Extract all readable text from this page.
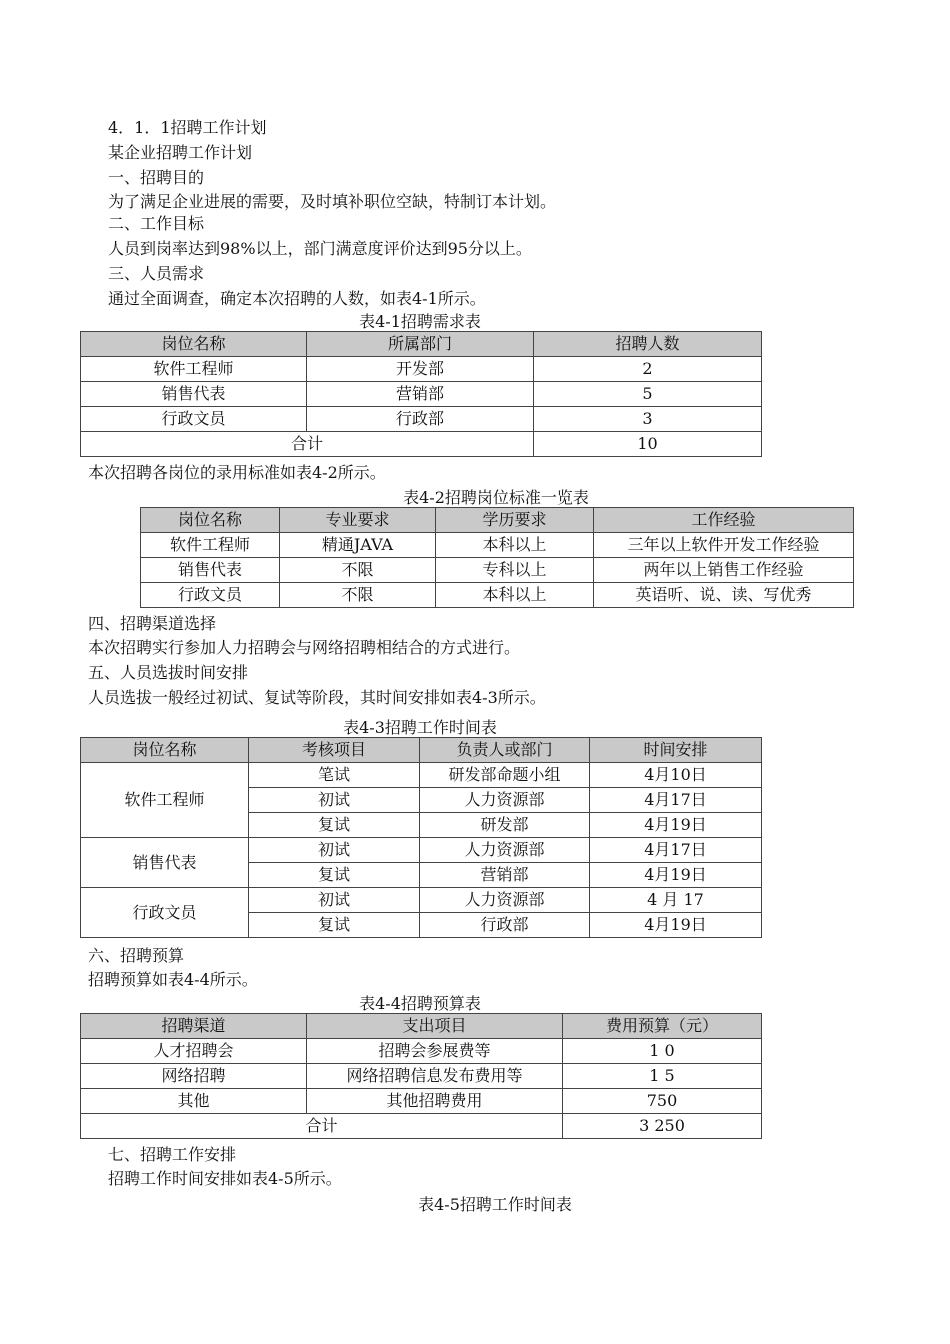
4．1．1招聘工作计划
某企业招聘工作计划
一、招聘目的
为了满足企业进展的需要，及时填补职位空缺，特制订本计划。
二、工作目标
人员到岗率达到98%以上，部门满意度评价达到95分以上。
三、人员需求
通过全面调查，确定本次招聘的人数，如表4-1所示。
表4-1招聘需求表
岗位名称	所属部门	招聘人数
软件工程师	开发部	2
销售代表	营销部	5
行政文员	行政部	3
合计		10
本次招聘各岗位的录用标准如表4-2所示。
表4-2招聘岗位标准一览表
岗位名称	专业要求	学历要求	工作经验
软件工程师	精通JAVA	本科以上	三年以上软件开发工作经验
销售代表	不限	专科以上	两年以上销售工作经验
行政文员	不限	本科以上	英语听、说、读、写优秀
四、招聘渠道选择
本次招聘实行参加人力招聘会与网络招聘相结合的方式进行。
五、人员选拔时间安排
人员选拔一般经过初试、复试等阶段，其时间安排如表4-3所示。
表4-3招聘工作时间表
岗位名称	考核项目	负责人或部门	时间安排
软件工程师	笔试	研发部命题小组	4月10日
	初试	人力资源部	4月17日
	复试	研发部	4月19日
销售代表	初试	人力资源部	4月17日
	复试	营销部	4月19日
行政文员	初试	人力资源部	4 月 17
	复试	行政部	4月19日
六、招聘预算
招聘预算如表4-4所示。
表4-4招聘预算表
招聘渠道	支出项目	费用预算（元）
人才招聘会	招聘会参展费等	1 0
网络招聘	网络招聘信息发布费用等	1 5
其他	其他招聘费用	750
合计		3 250
七、招聘工作安排
招聘工作时间安排如表4-5所示。
表4-5招聘工作时间表
